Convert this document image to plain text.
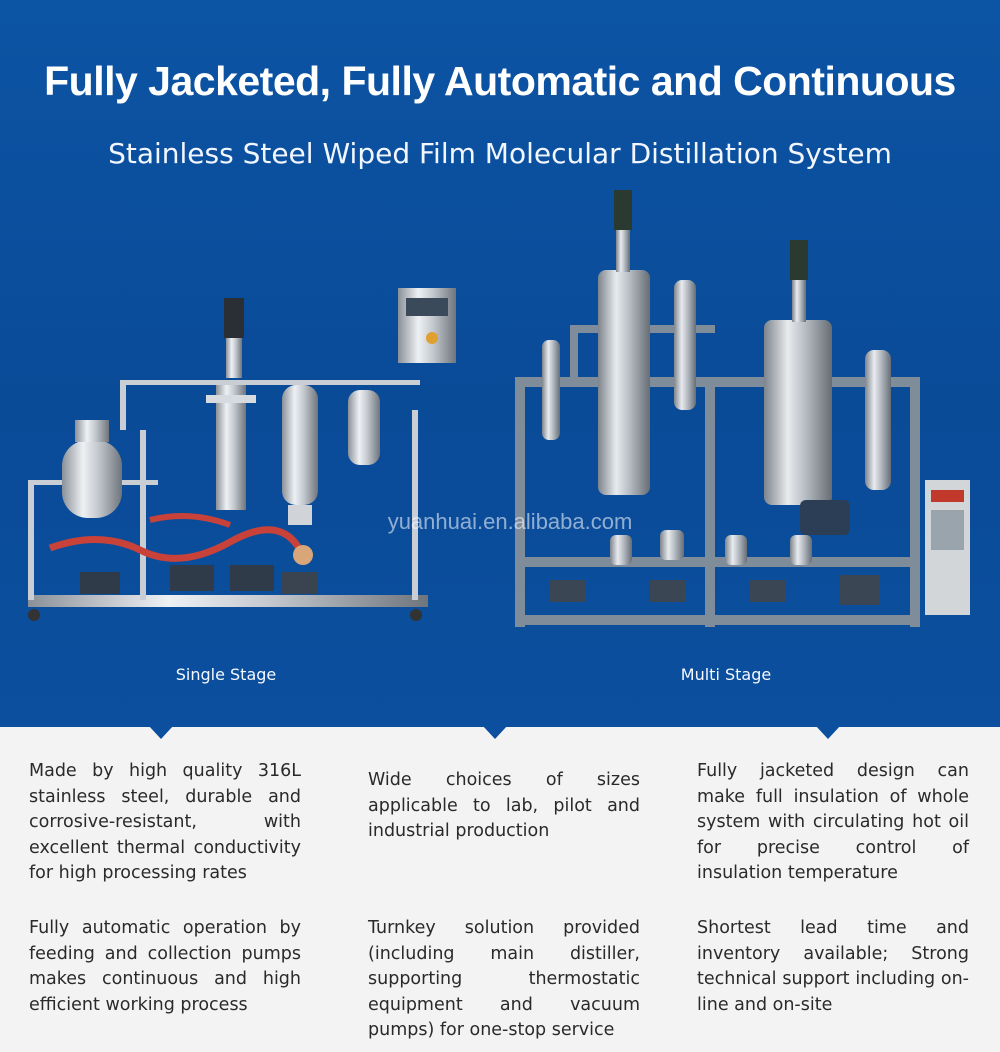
Fully Jacketed, Fully Automatic and Continuous
Stainless Steel Wiped Film Molecular Distillation System
yuanhuai.en.alibaba.com
Single Stage	Multi Stage
Made by high quality 316L stainless steel, durable and corrosive-resistant, with excellent thermal conductivity for high processing rates
Wide choices of sizes applicable to lab, pilot and industrial production
Fully jacketed design can make full insulation of whole system with circulating hot oil for precise control of insulation temperature
Fully automatic operation by feeding and collection pumps makes continuous and high efficient working process
Turnkey solution provided (including main distiller, supporting thermostatic equipment and vacuum pumps) for one-stop service
Shortest lead time and inventory available; Strong technical support including on-line and on-site
